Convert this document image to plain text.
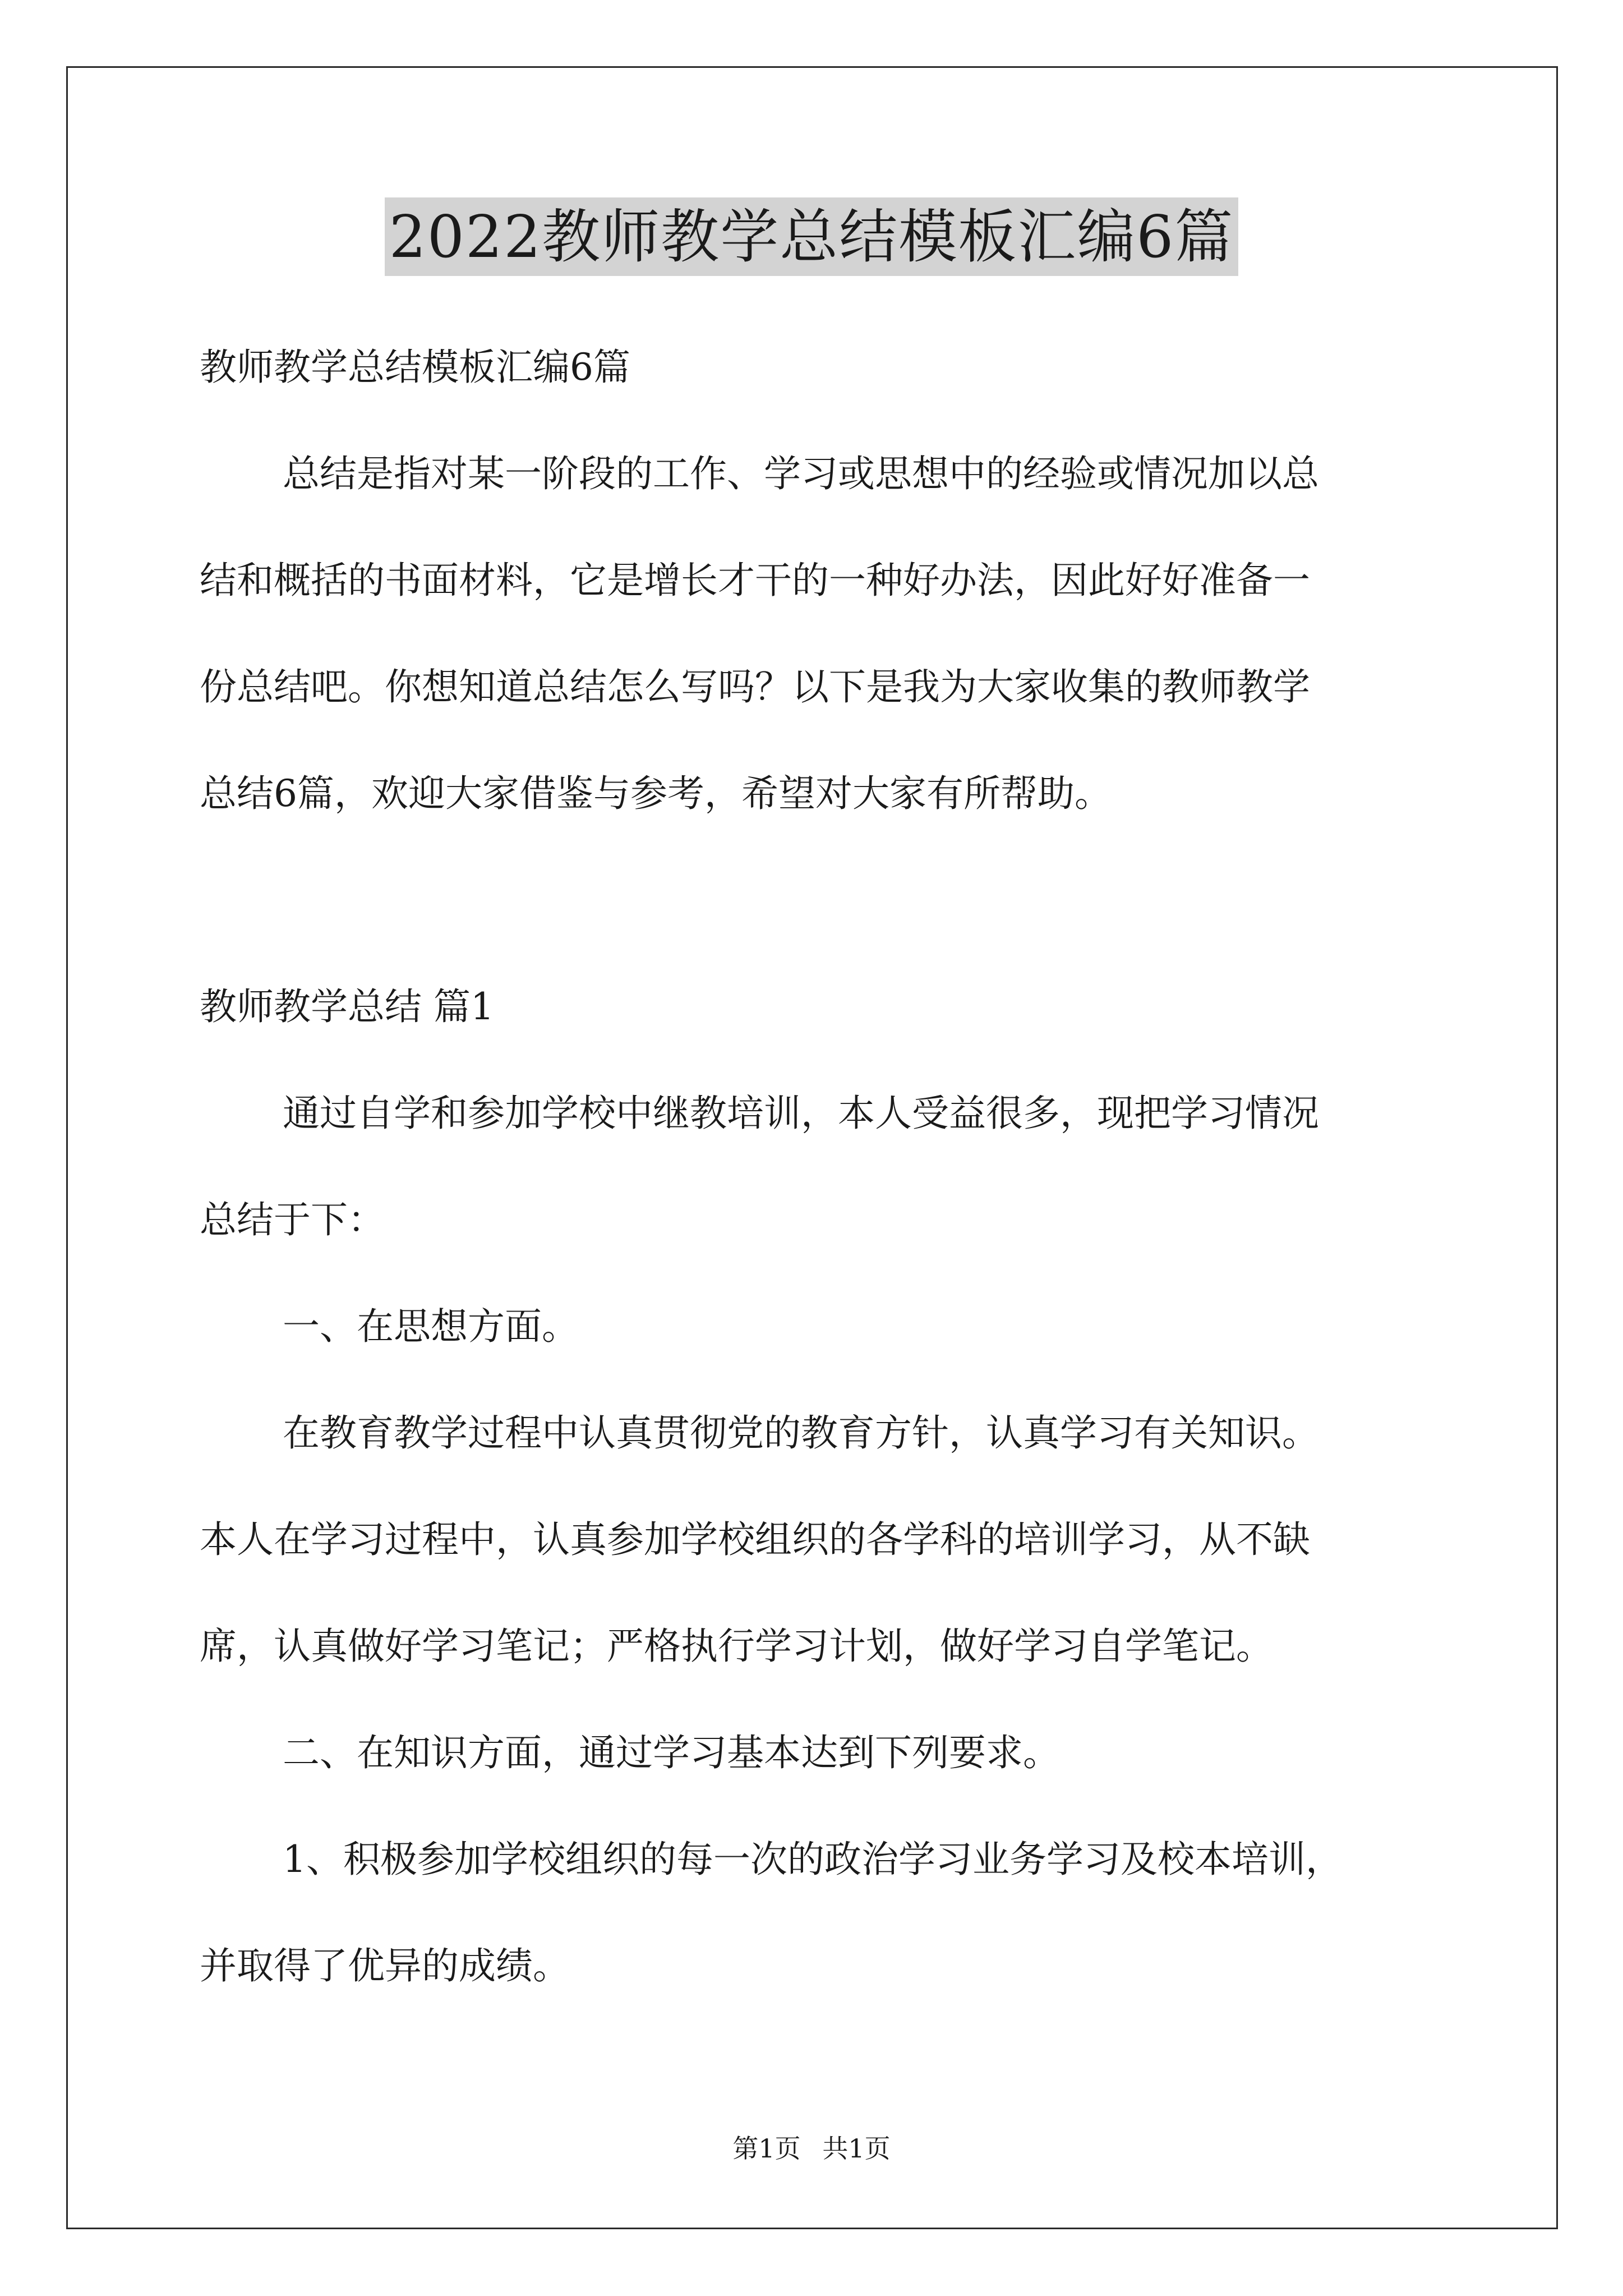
2022教师教学总结模板汇编6篇
教师教学总结模板汇编6篇
总结是指对某一阶段的工作、学习或思想中的经验或情况加以总
结和概括的书面材料，它是增长才干的一种好办法，因此好好准备一
份总结吧。你想知道总结怎么写吗？以下是我为大家收集的教师教学
总结6篇，欢迎大家借鉴与参考，希望对大家有所帮助。
教师教学总结 篇1
通过自学和参加学校中继教培训，本人受益很多，现把学习情况
总结于下：
一、在思想方面。
在教育教学过程中认真贯彻党的教育方针，认真学习有关知识。
本人在学习过程中，认真参加学校组织的各学科的培训学习，从不缺
席，认真做好学习笔记；严格执行学习计划，做好学习自学笔记。
二、在知识方面，通过学习基本达到下列要求。
1、积极参加学校组织的每一次的政治学习业务学习及校本培训，
并取得了优异的成绩。
第1页 共1页
